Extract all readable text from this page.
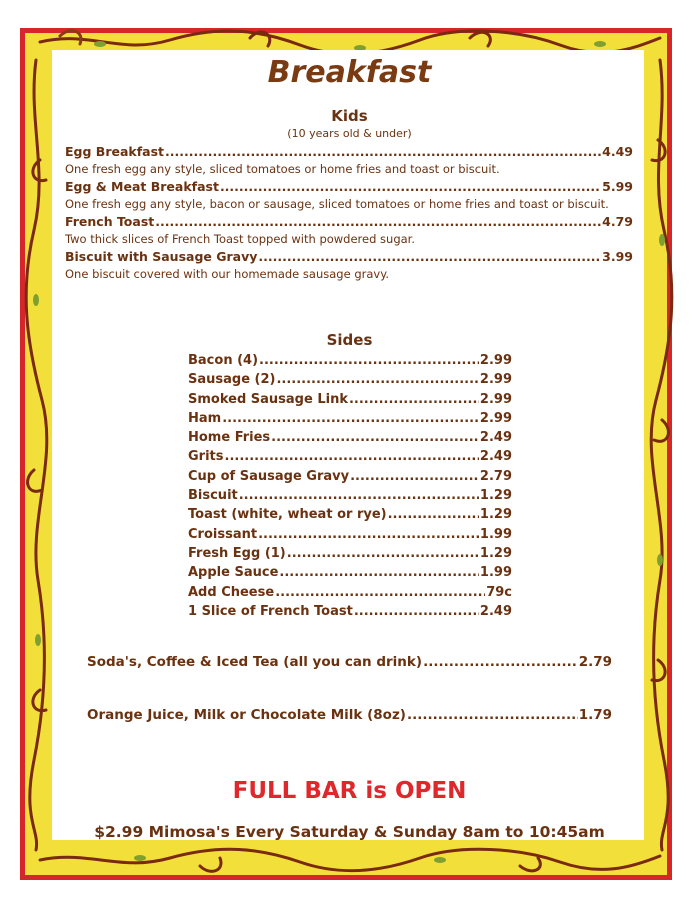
Breakfast
Kids
(10 years old & under)
Egg Breakfast .....	4.49
One fresh egg any style, sliced tomatoes or home fries and toast or biscuit.
Egg & Meat Breakfast .....	5.99
One fresh egg any style, bacon or sausage, sliced tomatoes or home fries and toast or biscuit.
French Toast .....	4.79
Two thick slices of French Toast topped with powdered sugar.
Biscuit with Sausage Gravy .....	3.99
One biscuit covered with our homemade sausage gravy.
Sides
Bacon (4) .....	2.99
Sausage (2) .....	2.99
Smoked Sausage Link .....	2.99
Ham .....	2.99
Home Fries .....	2.49
Grits .....	2.49
Cup of Sausage Gravy .....	2.79
Biscuit .....	1.29
Toast (white, wheat or rye) .....	1.29
Croissant .....	1.99
Fresh Egg (1) .....	1.29
Apple Sauce .....	1.99
Add Cheese .....	79c
1 Slice of French Toast .....	2.49
Soda's, Coffee & Iced Tea (all you can drink) .....	2.79
Orange Juice, Milk or Chocolate Milk (8oz) .....	1.79
FULL BAR is OPEN
$2.99 Mimosa's Every Saturday & Sunday 8am to 10:45am
